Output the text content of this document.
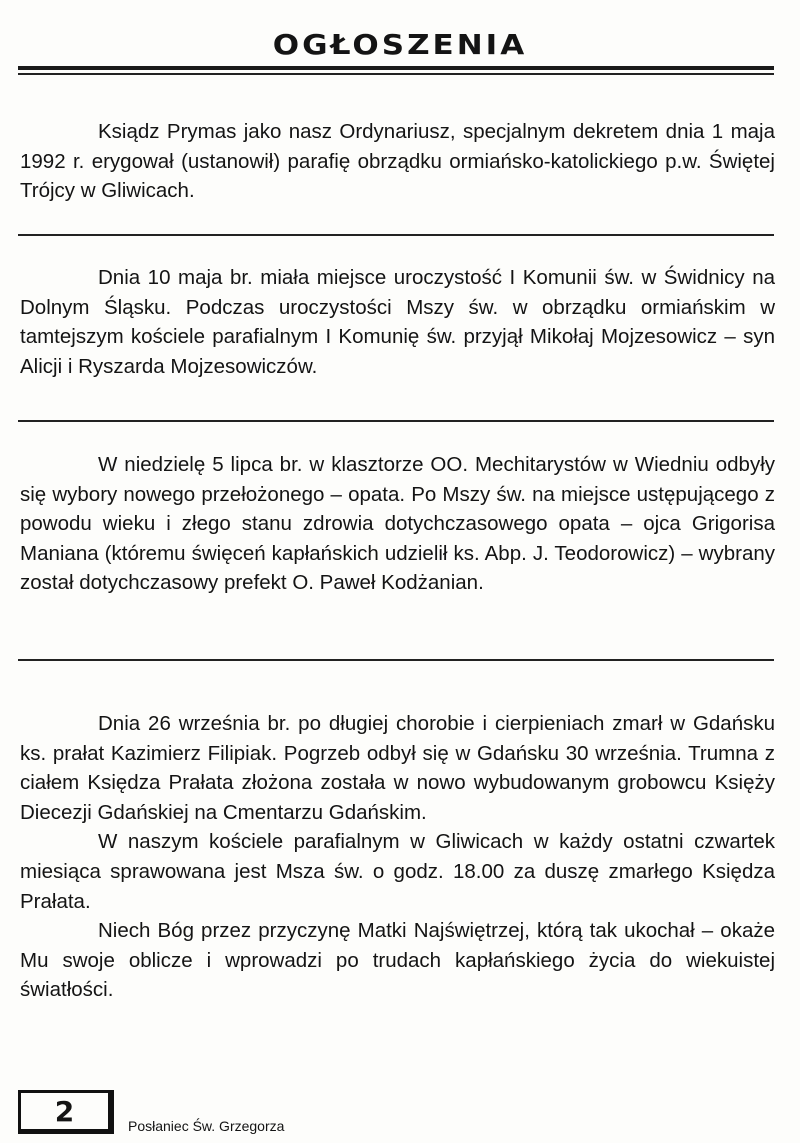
OGŁOSZENIA

Ksiądz Prymas jako nasz Ordynariusz, specjalnym dekretem dnia 1 maja 1992 r. erygował (ustanowił) parafię obrządku ormiańsko-katolickiego p.w. Świętej Trójcy w Gliwicach.

Dnia 10 maja br. miała miejsce uroczystość I Komunii św. w Świdnicy na Dolnym Śląsku. Podczas uroczystości Mszy św. w obrządku ormiańskim w tamtejszym kościele parafialnym I Komunię św. przyjął Mikołaj Mojzesowicz – syn Alicji i Ryszarda Mojzesowiczów.

W niedzielę 5 lipca br. w klasztorze OO. Mechitarystów w Wiedniu odbyły się wybory nowego przełożonego – opata. Po Mszy św. na miejsce ustępującego z powodu wieku i złego stanu zdrowia dotychczasowego opata – ojca Grigorisa Maniana (któremu święceń kapłańskich udzielił ks. Abp. J. Teodorowicz) – wybrany został dotychczasowy prefekt O. Paweł Kodżanian.

Dnia 26 września br. po długiej chorobie i cierpieniach zmarł w Gdańsku ks. prałat Kazimierz Filipiak. Pogrzeb odbył się w Gdańsku 30 września. Trumna z ciałem Księdza Prałata złożona została w nowo wybudowanym grobowcu Księży Diecezji Gdańskiej na Cmentarzu Gdańskim.
W naszym kościele parafialnym w Gliwicach w każdy ostatni czwartek miesiąca sprawowana jest Msza św. o godz. 18.00 za duszę zmarłego Księdza Prałata.
Niech Bóg przez przyczynę Matki Najświętrzej, którą tak ukochał – okaże Mu swoje oblicze i wprowadzi po trudach kapłańskiego życia do wiekuistej światłości.
2	Posłaniec Św. Grzegorza
